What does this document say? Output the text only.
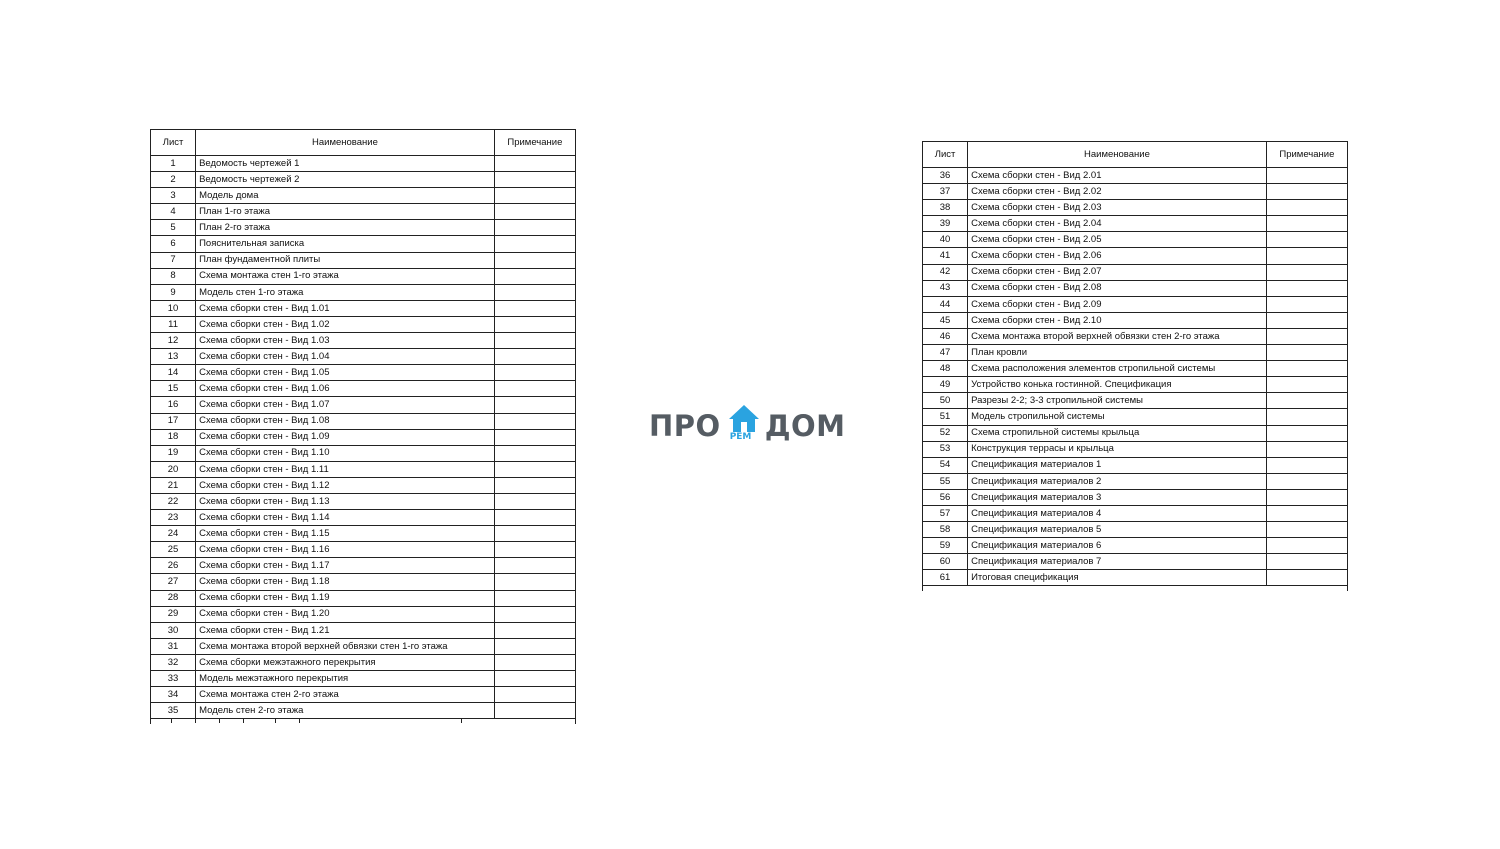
Лист	Наименование	Примечание
1	Ведомость чертежей 1	
2	Ведомость чертежей 2	
3	Модель дома	
4	План 1-го этажа	
5	План 2-го этажа	
6	Пояснительная записка	
7	План фундаментной плиты	
8	Схема монтажа стен 1-го этажа	
9	Модель стен 1-го этажа	
10	Схема сборки стен - Вид 1.01	
11	Схема сборки стен - Вид 1.02	
12	Схема сборки стен - Вид 1.03	
13	Схема сборки стен - Вид 1.04	
14	Схема сборки стен - Вид 1.05	
15	Схема сборки стен - Вид 1.06	
16	Схема сборки стен - Вид 1.07	
17	Схема сборки стен - Вид 1.08	
18	Схема сборки стен - Вид 1.09	
19	Схема сборки стен - Вид 1.10	
20	Схема сборки стен - Вид 1.11	
21	Схема сборки стен - Вид 1.12	
22	Схема сборки стен - Вид 1.13	
23	Схема сборки стен - Вид 1.14	
24	Схема сборки стен - Вид 1.15	
25	Схема сборки стен - Вид 1.16	
26	Схема сборки стен - Вид 1.17	
27	Схема сборки стен - Вид 1.18	
28	Схема сборки стен - Вид 1.19	
29	Схема сборки стен - Вид 1.20	
30	Схема сборки стен - Вид 1.21	
31	Схема монтажа второй верхней обвязки стен 1-го этажа	
32	Схема сборки межэтажного перекрытия	
33	Модель межэтажного перекрытия	
34	Схема монтажа стен 2-го этажа	
35	Модель стен 2-го этажа	
ПРО РЕМ ДОМ
Лист	Наименование	Примечание
36	Схема сборки стен - Вид 2.01	
37	Схема сборки стен - Вид 2.02	
38	Схема сборки стен - Вид 2.03	
39	Схема сборки стен - Вид 2.04	
40	Схема сборки стен - Вид 2.05	
41	Схема сборки стен - Вид 2.06	
42	Схема сборки стен - Вид 2.07	
43	Схема сборки стен - Вид 2.08	
44	Схема сборки стен - Вид 2.09	
45	Схема сборки стен - Вид 2.10	
46	Схема монтажа второй верхней обвязки стен 2-го этажа	
47	План кровли	
48	Схема расположения элементов стропильной системы	
49	Устройство конька гостинной. Спецификация	
50	Разрезы 2-2; 3-3 стропильной системы	
51	Модель стропильной системы	
52	Схема стропильной системы крыльца	
53	Конструкция террасы и крыльца	
54	Спецификация материалов 1	
55	Спецификация материалов 2	
56	Спецификация материалов 3	
57	Спецификация материалов 4	
58	Спецификация материалов 5	
59	Спецификация материалов 6	
60	Спецификация материалов 7	
61	Итоговая спецификация	
